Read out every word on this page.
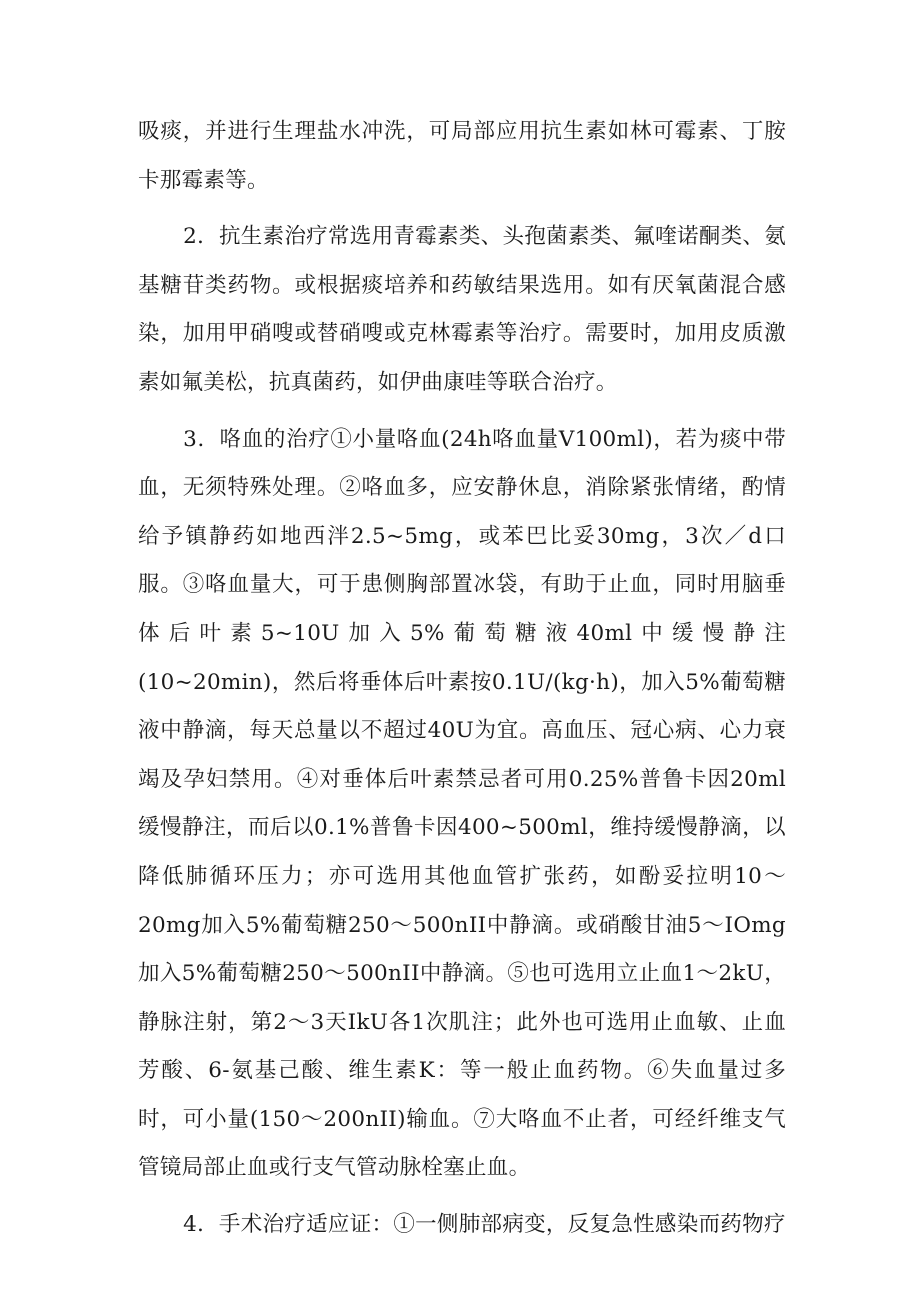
吸痰，并进行生理盐水冲洗，可局部应用抗生素如林可霉素、丁胺卡那霉素等。

2．抗生素治疗常选用青霉素类、头孢菌素类、氟喹诺酮类、氨基糖苷类药物。或根据痰培养和药敏结果选用。如有厌氧菌混合感染，加用甲硝嗖或替硝嗖或克林霉素等治疗。需要时，加用皮质激素如氟美松，抗真菌药，如伊曲康哇等联合治疗。

3．咯血的治疗①小量咯血(24h咯血量V100ml)，若为痰中带血，无须特殊处理。②咯血多，应安静休息，消除紧张情绪，酌情给予镇静药如地西泮2.5~5mg，或苯巴比妥30mg，3次／d口服。③咯血量大，可于患侧胸部置冰袋，有助于止血，同时用脑垂体后叶素5~10U加入5%葡萄糖液40ml中缓慢静注(10~20min)，然后将垂体后叶素按0.1U/(kg·h)，加入5%葡萄糖液中静滴，每天总量以不超过40U为宜。高血压、冠心病、心力衰竭及孕妇禁用。④对垂体后叶素禁忌者可用0.25%普鲁卡因20ml缓慢静注，而后以0.1%普鲁卡因400~500ml，维持缓慢静滴，以降低肺循环压力；亦可选用其他血管扩张药，如酚妥拉明10～20mg加入5%葡萄糖250～500nII中静滴。或硝酸甘油5～IOmg加入5%葡萄糖250～500nII中静滴。⑤也可选用立止血1～2kU，静脉注射，第2～3天IkU各1次肌注；此外也可选用止血敏、止血芳酸、6-氨基己酸、维生素K：等一般止血药物。⑥失血量过多时，可小量(150～200nII)输血。⑦大咯血不止者，可经纤维支气管镜局部止血或行支气管动脉栓塞止血。

4．手术治疗适应证：①一侧肺部病变，反复急性感染而药物疗
